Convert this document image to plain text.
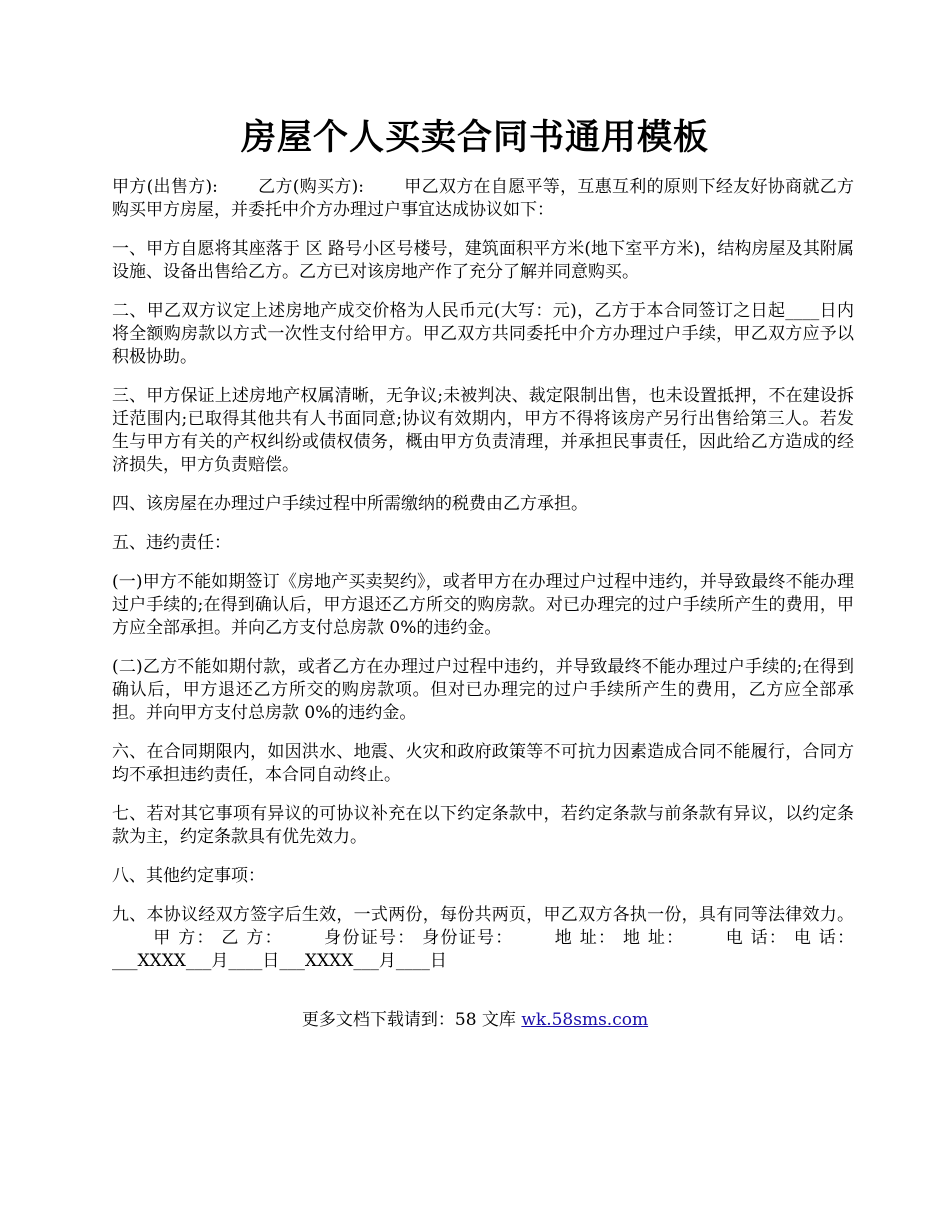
房屋个人买卖合同书通用模板

甲方(出售方): 乙方(购买方): 甲乙双方在自愿平等，互惠互利的原则下经友好协商就乙方购买甲方房屋，并委托中介方办理过户事宜达成协议如下：

一、甲方自愿将其座落于 区 路号小区号楼号，建筑面积平方米(地下室平方米)，结构房屋及其附属设施、设备出售给乙方。乙方已对该房地产作了充分了解并同意购买。

二、甲乙双方议定上述房地产成交价格为人民币元(大写：元)，乙方于本合同签订之日起____日内将全额购房款以方式一次性支付给甲方。甲乙双方共同委托中介方办理过户手续，甲乙双方应予以积极协助。

三、甲方保证上述房地产权属清晰，无争议;未被判决、裁定限制出售，也未设置抵押，不在建设拆迁范围内;已取得其他共有人书面同意;协议有效期内，甲方不得将该房产另行出售给第三人。若发生与甲方有关的产权纠纷或债权债务，概由甲方负责清理，并承担民事责任，因此给乙方造成的经济损失，甲方负责赔偿。

四、该房屋在办理过户手续过程中所需缴纳的税费由乙方承担。

五、违约责任：

(一)甲方不能如期签订《房地产买卖契约》，或者甲方在办理过户过程中违约，并导致最终不能办理过户手续的;在得到确认后，甲方退还乙方所交的购房款。对已办理完的过户手续所产生的费用，甲方应全部承担。并向乙方支付总房款 0%的违约金。

(二)乙方不能如期付款，或者乙方在办理过户过程中违约，并导致最终不能办理过户手续的;在得到确认后，甲方退还乙方所交的购房款项。但对已办理完的过户手续所产生的费用，乙方应全部承担。并向甲方支付总房款 0%的违约金。

六、在合同期限内，如因洪水、地震、火灾和政府政策等不可抗力因素造成合同不能履行，合同方均不承担违约责任，本合同自动终止。

七、若对其它事项有异议的可协议补充在以下约定条款中，若约定条款与前条款有异议，以约定条款为主，约定条款具有优先效力。

八、其他约定事项：

九、本协议经双方签字后生效，一式两份，每份共两页，甲乙双方各执一份，具有同等法律效力。甲 方： 乙 方： 身份证号： 身份证号： 地 址： 地 址： 电 话： 电 话：___XXXX___月____日___XXXX___月____日

更多文档下载请到：58 文库 wk.58sms.com
